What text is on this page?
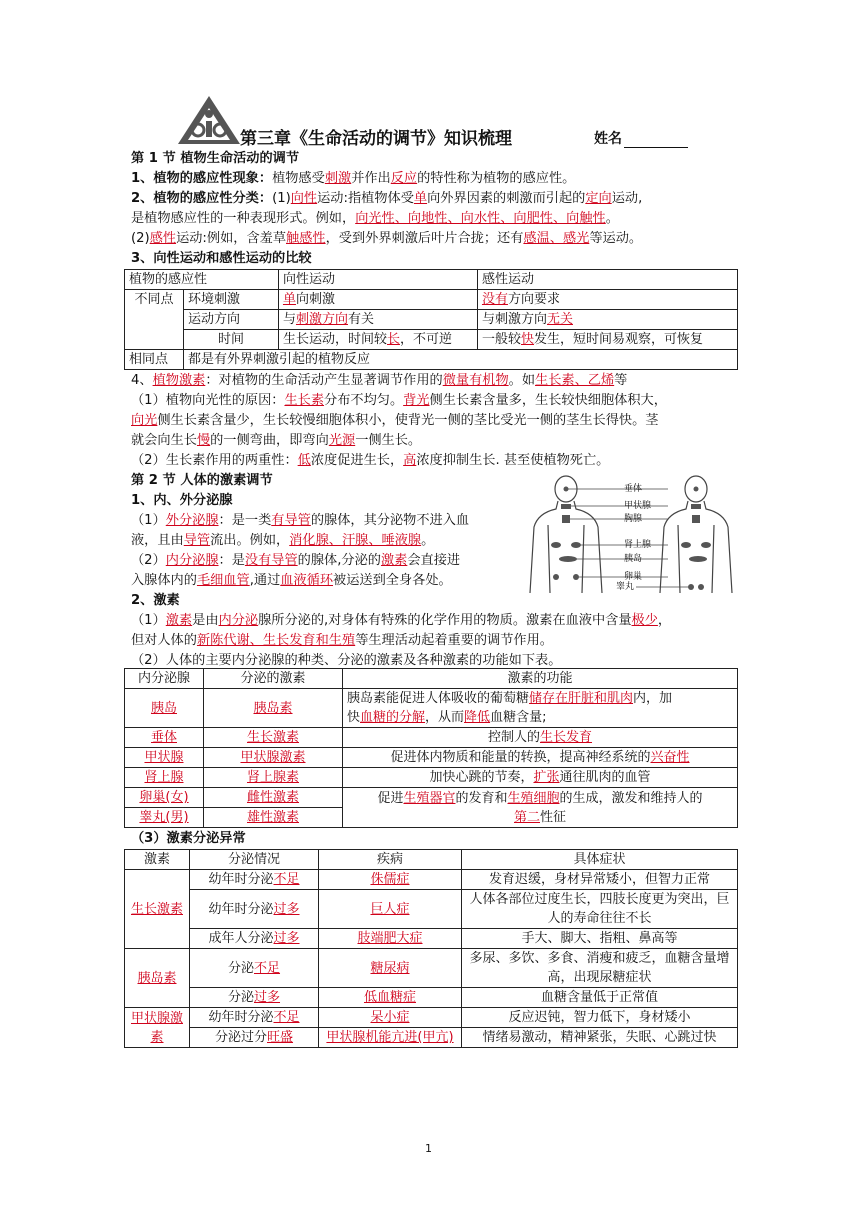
第三章《生命活动的调节》知识梳理	姓名
第 1 节 植物生命活动的调节
1、植物的感应性现象：植物感受刺激并作出反应的特性称为植物的感应性。
2、植物的感应性分类：(1)向性运动:指植物体受单向外界因素的刺激而引起的定向运动,
是植物感应性的一种表现形式。例如，向光性、向地性、向水性、向肥性、向触性。
(2)感性运动:例如，含羞草触感性，受到外界刺激后叶片合拢；还有感温、感光等运动。
3、向性运动和感性运动的比较
植物的感应性		向性运动	感性运动
不同点	环境刺激	单向刺激	没有方向要求
	运动方向	与刺激方向有关	与刺激方向无关
	时间	生长运动，时间较长，不可逆	一般较快发生，短时间易观察，可恢复
相同点	都是有外界刺激引起的植物反应		
4、植物激素：对植物的生命活动产生显著调节作用的微量有机物。如生长素、乙烯等
（1）植物向光性的原因：生长素分布不均匀。背光侧生长素含量多，生长较快细胞体积大，
向光侧生长素含量少，生长较慢细胞体积小，使背光一侧的茎比受光一侧的茎生长得快。茎
就会向生长慢的一侧弯曲，即弯向光源一侧生长。
（2）生长素作用的两重性：低浓度促进生长，高浓度抑制生长. 甚至使植物死亡。
第 2 节 人体的激素调节
1、内、外分泌腺
（1）外分泌腺：是一类有导管的腺体，其分泌物不进入血
液，且由导管流出。例如，消化腺、汗腺、唾液腺。
（2）内分泌腺：是没有导管的腺体,分泌的激素会直接进
入腺体内的毛细血管,通过血液循环被运送到全身各处。
垂体
甲状腺
胸腺
肾上腺
胰岛
卵巢
睾丸
2、激素
（1）激素是由内分泌腺所分泌的,对身体有特殊的化学作用的物质。激素在血液中含量极少，
但对人体的新陈代谢、生长发育和生殖等生理活动起着重要的调节作用。
（2）人体的主要内分泌腺的种类、分泌的激素及各种激素的功能如下表。
内分泌腺	分泌的激素	激素的功能
胰岛	胰岛素	胰岛素能促进人体吸收的葡萄糖储存在肝脏和肌肉内，加
快血糖的分解，从而降低血糖含量;
垂体	生长激素	控制人的生长发育
甲状腺	甲状腺激素	促进体内物质和能量的转换，提高神经系统的兴奋性
肾上腺	肾上腺素	加快心跳的节奏，扩张通往肌肉的血管
卵巢(女)	雌性激素	促进生殖器官的发育和生殖细胞的生成，激发和维持人的
第二性征
睾丸(男)	雄性激素	
（3）激素分泌异常
激素	分泌情况	疾病	具体症状
生长激素	幼年时分泌不足	侏儒症	发育迟缓，身材异常矮小，但智力正常
	幼年时分泌过多	巨人症	人体各部位过度生长，四肢长度更为突出，巨人的寿命往往不长
	成年人分泌过多	肢端肥大症	手大、脚大、指粗、鼻高等
胰岛素	分泌不足	糖尿病	多尿、多饮、多食、消瘦和疲乏，血糖含量增高，出现尿糖症状
	分泌过多	低血糖症	血糖含量低于正常值
甲状腺激素	幼年时分泌不足	呆小症	反应迟钝，智力低下，身材矮小
	分泌过分旺盛	甲状腺机能亢进(甲亢)	情绪易激动，精神紧张，失眠、心跳过快
1
